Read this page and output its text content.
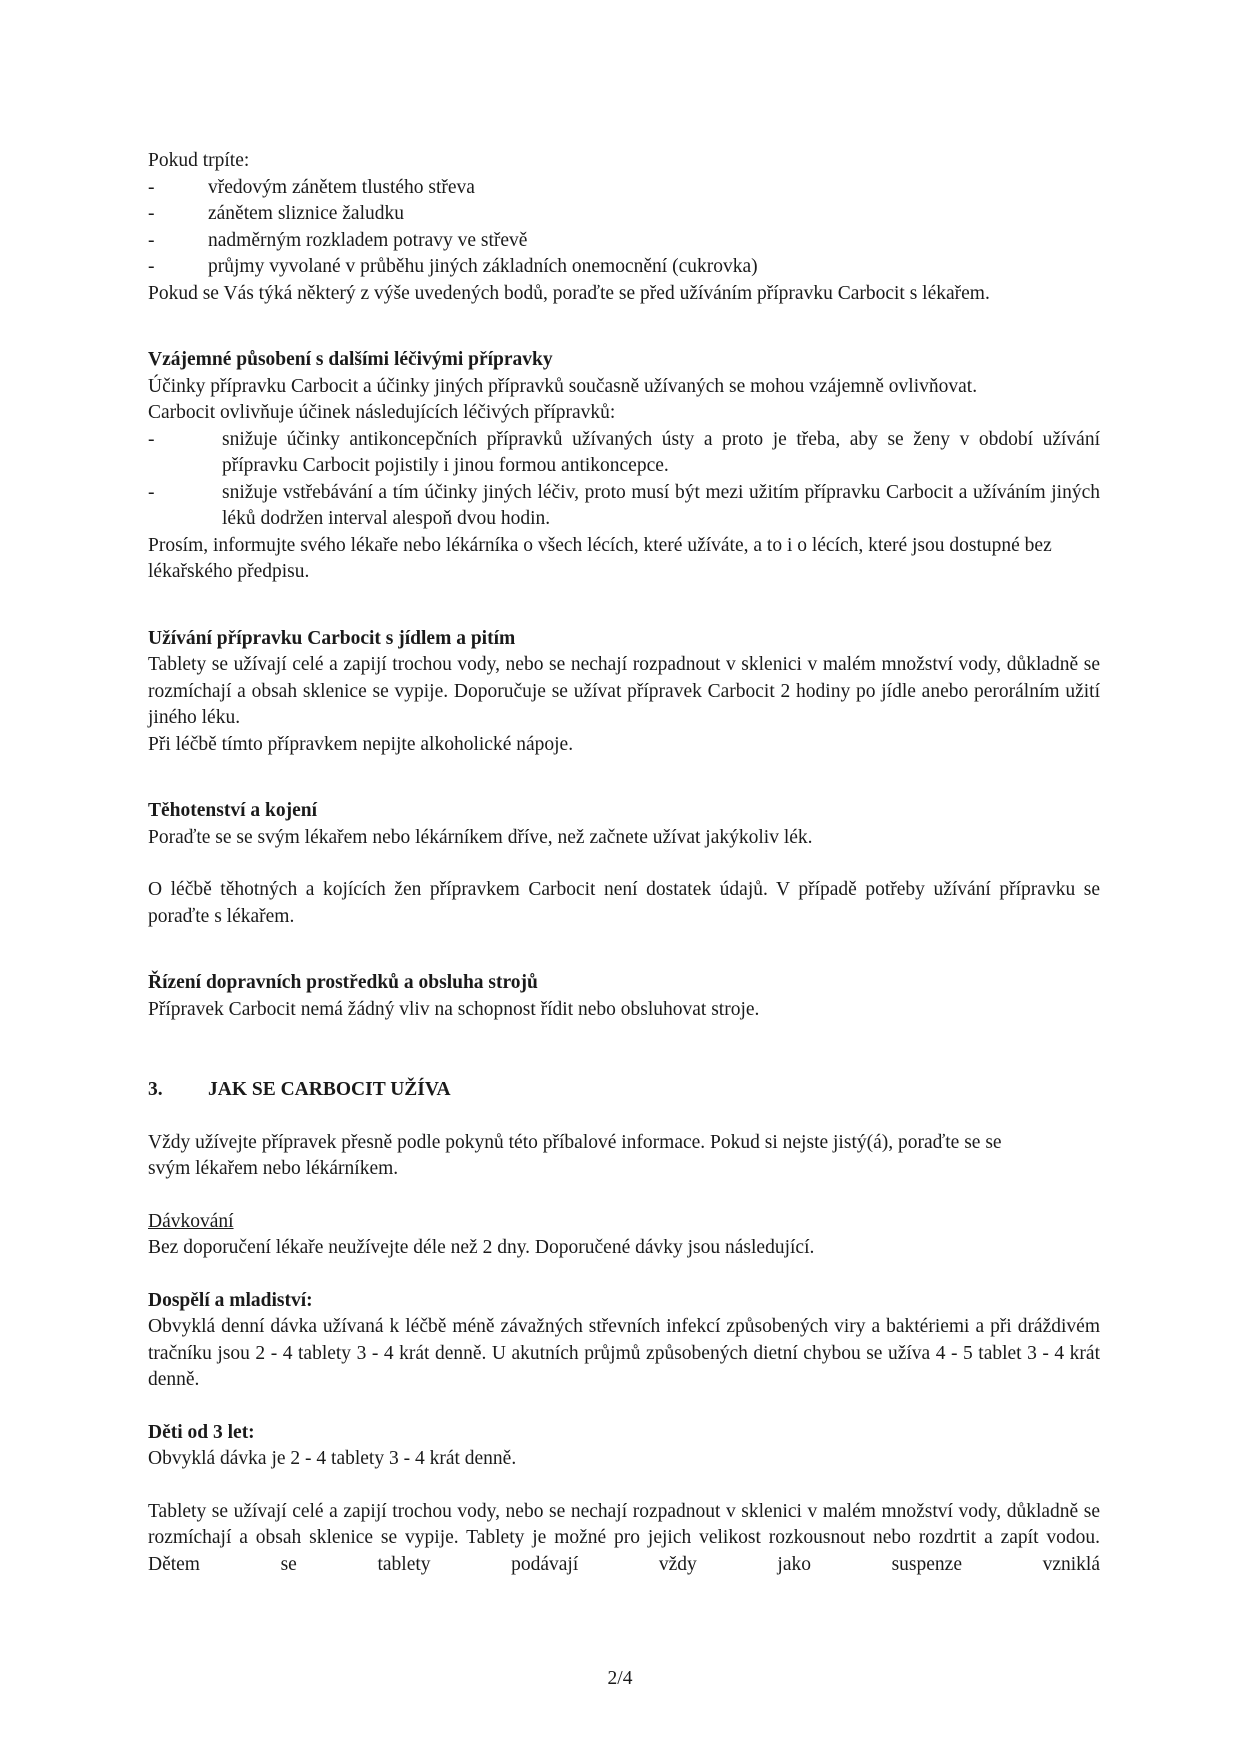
Pokud trpíte:

-	vředovým zánětem tlustého střeva

-	zánětem sliznice žaludku

-	nadměrným rozkladem potravy ve střevě

-	průjmy vyvolané v průběhu jiných základních onemocnění (cukrovka)

Pokud se Vás týká některý z výše uvedených bodů, poraďte se před užíváním přípravku Carbocit s lékařem.

Vzájemné působení s dalšími léčivými přípravky

Účinky přípravku Carbocit a účinky jiných přípravků současně užívaných se mohou vzájemně ovlivňovat.

Carbocit ovlivňuje účinek následujících léčivých přípravků:

-	snižuje účinky antikoncepčních přípravků užívaných ústy a proto je třeba, aby se ženy v období užívání přípravku Carbocit pojistily i jinou formou antikoncepce.

-	snižuje vstřebávání a tím účinky jiných léčiv, proto musí být mezi užitím přípravku Carbocit a užíváním jiných léků dodržen interval alespoň dvou hodin.

Prosím, informujte svého lékaře nebo lékárníka o všech lécích, které užíváte, a to i o lécích, které jsou dostupné bez lékařského předpisu.

Užívání přípravku Carbocit s jídlem a pitím

Tablety se užívají celé a zapijí trochou vody, nebo se nechají rozpadnout v sklenici v malém množství vody, důkladně se rozmíchají a obsah sklenice se vypije. Doporučuje se užívat přípravek Carbocit 2 hodiny po jídle anebo perorálním užití jiného léku.

Při léčbě tímto přípravkem nepijte alkoholické nápoje.

Těhotenství a kojení

Poraďte se se svým lékařem nebo lékárníkem dříve, než začnete užívat jakýkoliv lék.

O léčbě těhotných a kojících žen přípravkem Carbocit není dostatek údajů. V případě potřeby užívání přípravku se poraďte s lékařem.

Řízení dopravních prostředků a obsluha strojů

Přípravek Carbocit nemá žádný vliv na schopnost řídit nebo obsluhovat stroje.

3. JAK SE CARBOCIT UŽÍVA

Vždy užívejte přípravek přesně podle pokynů této příbalové informace. Pokud si nejste jistý(á), poraďte se se svým lékařem nebo lékárníkem.

Dávkování

Bez doporučení lékaře neužívejte déle než 2 dny. Doporučené dávky jsou následující.

Dospělí a mladiství:

Obvyklá denní dávka užívaná k léčbě méně závažných střevních infekcí způsobených viry a baktériemi a při dráždivém tračníku jsou 2 - 4 tablety 3 - 4 krát denně. U akutních průjmů způsobených dietní chybou se užíva 4 - 5 tablet 3 - 4 krát denně.

Děti od 3 let:

Obvyklá dávka je 2 - 4 tablety 3 - 4 krát denně.

Tablety se užívají celé a zapijí trochou vody, nebo se nechají rozpadnout v sklenici v malém množství vody, důkladně se rozmíchají a obsah sklenice se vypije. Tablety je možné pro jejich velikost rozkousnout nebo rozdrtit a zapít vodou. Dětem se tablety podávají vždy jako suspenze vzniklá

2/4
